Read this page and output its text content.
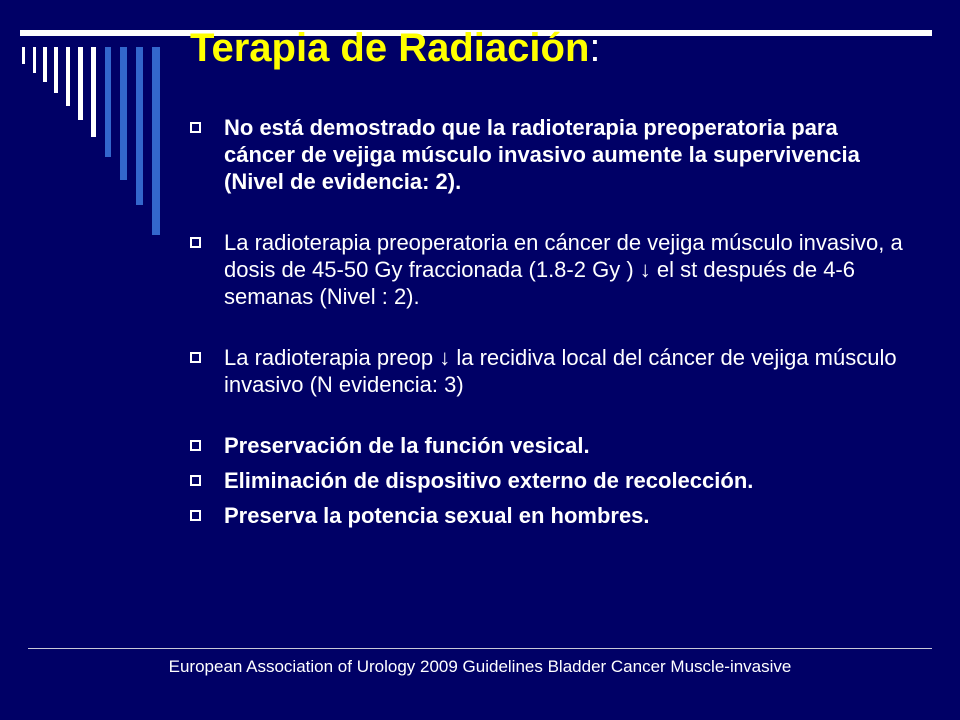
Terapia de Radiación:
No está demostrado que la radioterapia preoperatoria para cáncer de vejiga músculo invasivo aumente la supervivencia (Nivel de evidencia: 2).
La radioterapia preoperatoria en cáncer de vejiga músculo invasivo, a dosis de 45-50 Gy fraccionada (1.8-2 Gy ) ↓ el st después de 4-6 semanas (Nivel : 2).
La radioterapia preop ↓ la recidiva local del cáncer de vejiga músculo invasivo (N evidencia: 3)
Preservación de la función vesical.
Eliminación de dispositivo externo de recolección.
Preserva la potencia sexual en hombres.
European Association of Urology 2009 Guidelines Bladder Cancer Muscle-invasive
